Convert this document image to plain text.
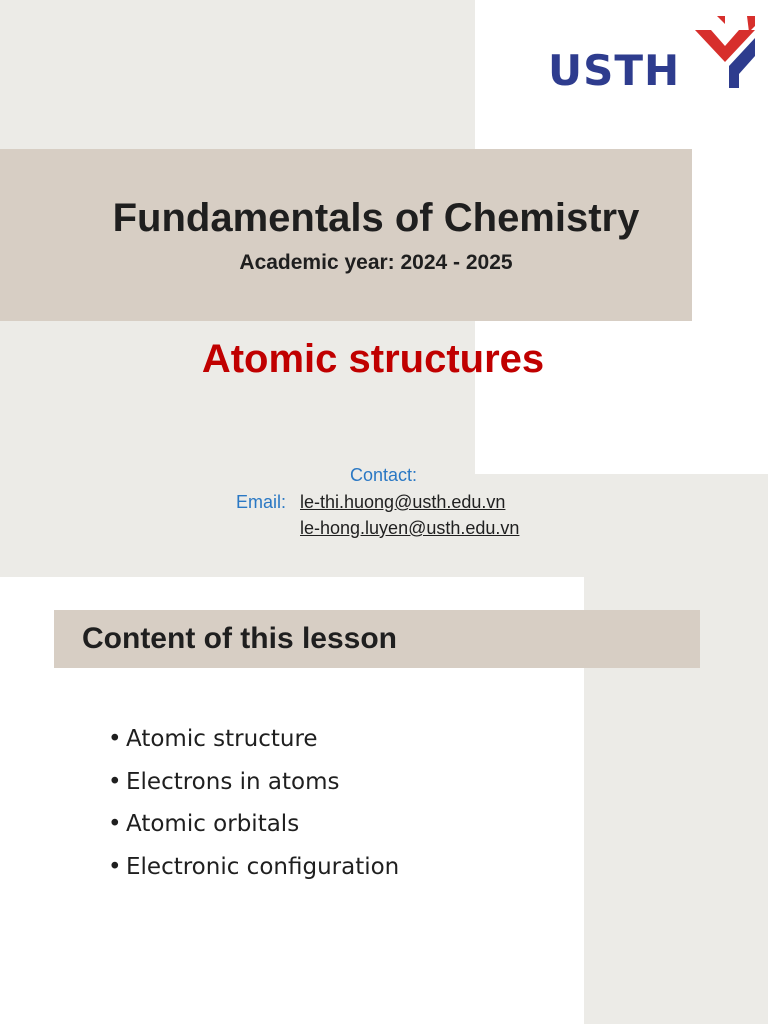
USTH
Fundamentals of Chemistry

Academic year: 2024 - 2025

Atomic structures
Contact:
Email: le-thi.huong@usth.edu.vn
le-hong.luyen@usth.edu.vn
Content of this lesson
• Atomic structure
• Electrons in atoms
• Atomic orbitals
• Electronic configuration
